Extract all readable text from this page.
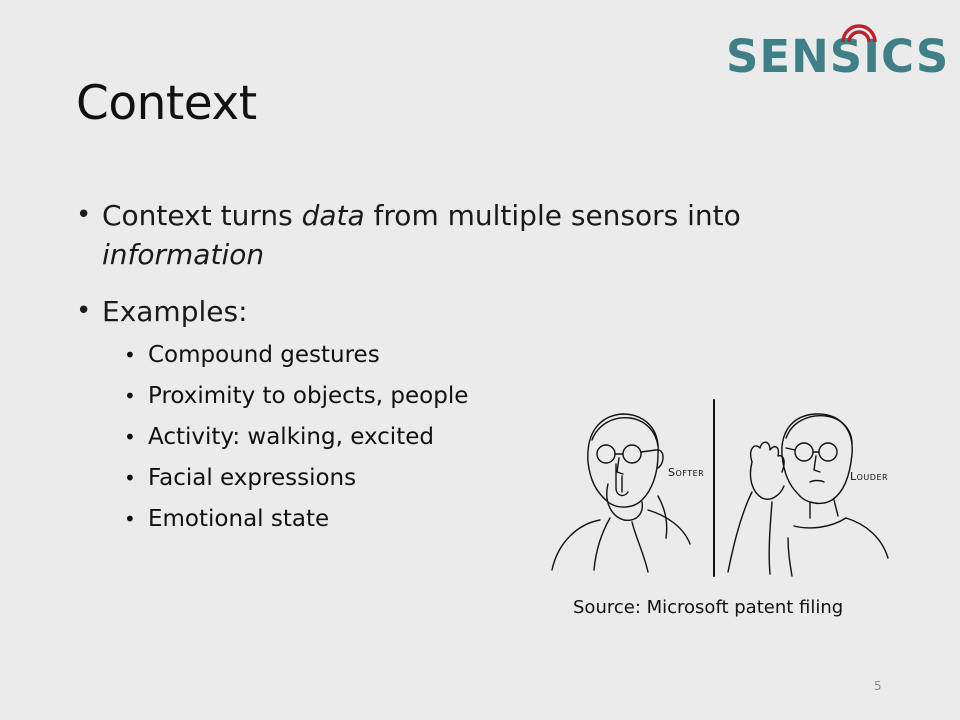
SENSICS
Context
• Context turns data from multiple sensors into
information
• Examples:
• Compound gestures
• Proximity to objects, people
• Activity: walking, excited
• Facial expressions
• Emotional state
Softer	Louder
Source: Microsoft patent filing
5
